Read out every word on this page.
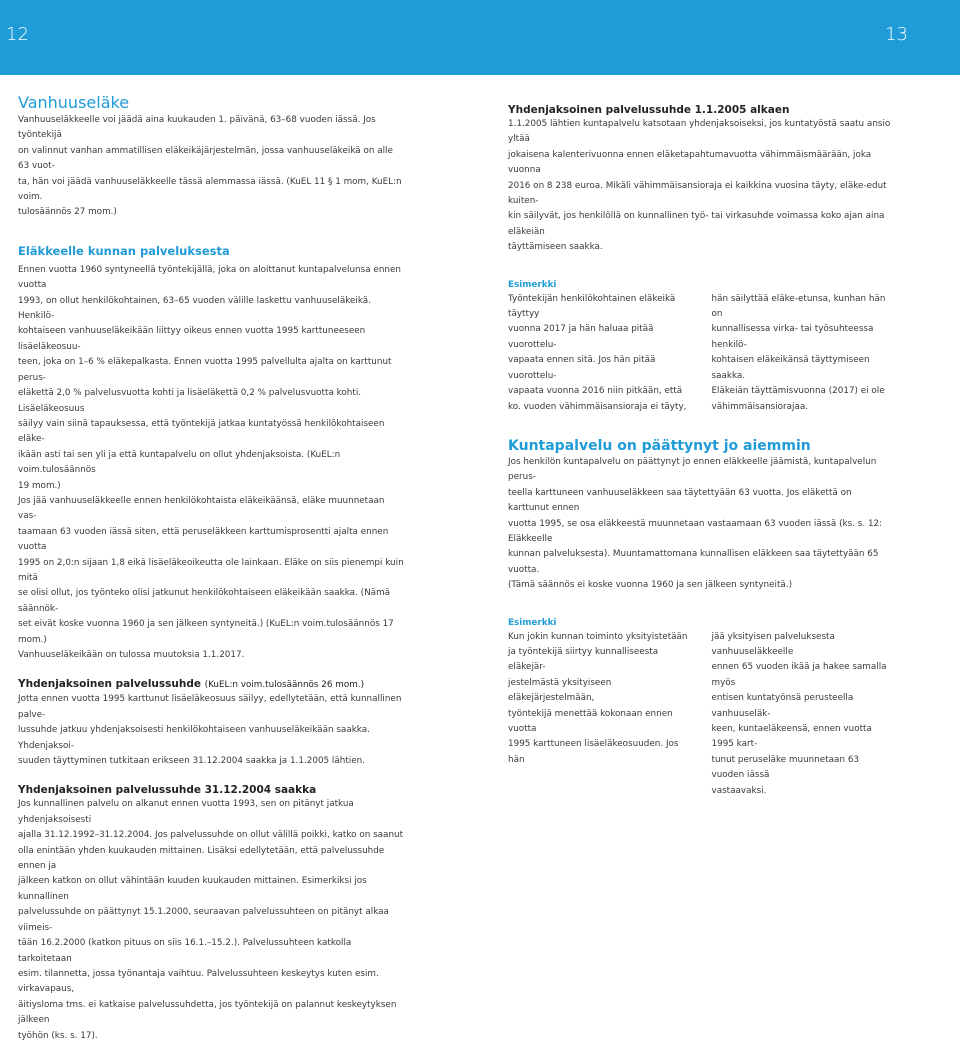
12	13
Vanhuuseläke

Vanhuuseläkkeelle voi jäädä aina kuukauden 1. päivänä, 63–68 vuoden iässä. Jos työntekijä
on valinnut vanhan ammatillisen eläkeikäjärjestelmän, jossa vanhuuseläkeikä on alle 63 vuot-
ta, hän voi jäädä vanhuuseläkkeelle tässä alemmassa iässä. (KuEL 11 § 1 mom, KuEL:n voim.
tulosäännös 27 mom.)

Eläkkeelle kunnan palveluksesta

Ennen vuotta 1960 syntyneellä työntekijällä, joka on aloittanut kuntapalvelunsa ennen vuotta
1993, on ollut henkilökohtainen, 63–65 vuoden välille laskettu vanhuuseläkeikä. Henkilö-
kohtaiseen vanhuuseläkeikään liittyy oikeus ennen vuotta 1995 karttuneeseen lisäeläkeosuu-
teen, joka on 1–6 % eläkepalkasta. Ennen vuotta 1995 palvellulta ajalta on karttunut perus-
eläkettä 2,0 % palvelusvuotta kohti ja lisäeläkettä 0,2 % palvelusvuotta kohti. Lisäeläkeosuus
säilyy vain siinä tapauksessa, että työntekijä jatkaa kuntatyössä henkilökohtaiseen eläke-
ikään asti tai sen yli ja että kuntapalvelu on ollut yhdenjaksoista. (KuEL:n voim.tulosäännös
19 mom.)

Jos jää vanhuuseläkkeelle ennen henkilökohtaista eläkeikäänsä, eläke muunnetaan vas-
taamaan 63 vuoden iässä siten, että peruseläkkeen karttumisprosentti ajalta ennen vuotta
1995 on 2,0:n sijaan 1,8 eikä lisäeläkeoikeutta ole lainkaan. Eläke on siis pienempi kuin mitä
se olisi ollut, jos työnteko olisi jatkunut henkilökohtaiseen eläkeikään saakka. (Nämä säännök-
set eivät koske vuonna 1960 ja sen jälkeen syntyneitä.) (KuEL:n voim.tulosäännös 17 mom.)
Vanhuuseläkeikään on tulossa muutoksia 1.1.2017.

Yhdenjaksoinen palvelussuhde (KuEL:n voim.tulosäännös 26 mom.)

Jotta ennen vuotta 1995 karttunut lisäeläkeosuus säilyy, edellytetään, että kunnallinen palve-
lussuhde jatkuu yhdenjaksoisesti henkilökohtaiseen vanhuuseläkeikään saakka. Yhdenjaksoi-
suuden täyttyminen tutkitaan erikseen 31.12.2004 saakka ja 1.1.2005 lähtien.

Yhdenjaksoinen palvelussuhde 31.12.2004 saakka

Jos kunnallinen palvelu on alkanut ennen vuotta 1993, sen on pitänyt jatkua yhdenjaksoisesti
ajalla 31.12.1992–31.12.2004. Jos palvelussuhde on ollut välillä poikki, katko on saanut
olla enintään yhden kuukauden mittainen. Lisäksi edellytetään, että palvelussuhde ennen ja
jälkeen katkon on ollut vähintään kuuden kuukauden mittainen. Esimerkiksi jos kunnallinen
palvelussuhde on päättynyt 15.1.2000, seuraavan palvelussuhteen on pitänyt alkaa viimeis-
tään 16.2.2000 (katkon pituus on siis 16.1.–15.2.). Palvelussuhteen katkolla tarkoitetaan
esim. tilannetta, jossa työnantaja vaihtuu. Palvelussuhteen keskeytys kuten esim. virkavapaus,
äitiysloma tms. ei katkaise palvelussuhdetta, jos työntekijä on palannut keskeytyksen jälkeen
työhön (ks. s. 17).

Yhdenjaksoinen palvelussuhde 1.1.2005 alkaen

1.1.2005 lähtien kuntapalvelu katsotaan yhdenjaksoiseksi, jos kuntatyöstä saatu ansio yltää
jokaisena kalenterivuonna ennen eläketapahtumavuotta vähimmäismäärään, joka vuonna
2016 on 8 238 euroa. Mikäli vähimmäisansioraja ei kaikkina vuosina täyty, eläke-edut kuiten-
kin säilyvät, jos henkilöllä on kunnallinen työ- tai virkasuhde voimassa koko ajan aina eläkeiän
täyttämiseen saakka.

Esimerkki

Työntekijän henkilökohtainen eläkeikä täyttyy
vuonna 2017 ja hän haluaa pitää vuorottelu-
vapaata ennen sitä. Jos hän pitää vuorottelu-
vapaata vuonna 2016 niin pitkään, että
ko. vuoden vähimmäisansioraja ei täyty,

hän säilyttää eläke-etunsa, kunhan hän on
kunnallisessa virka- tai työsuhteessa henkilö-
kohtaisen eläkeikänsä täyttymiseen saakka.
Eläkeiän täyttämisvuonna (2017) ei ole
vähimmäisansiorajaa.

Kuntapalvelu on päättynyt jo aiemmin

Jos henkilön kuntapalvelu on päättynyt jo ennen eläkkeelle jäämistä, kuntapalvelun perus-
teella karttuneen vanhuuseläkkeen saa täytettyään 63 vuotta. Jos eläkettä on karttunut ennen
vuotta 1995, se osa eläkkeestä muunnetaan vastaamaan 63 vuoden iässä (ks. s. 12: Eläkkeelle
kunnan palveluksesta). Muuntamattomana kunnallisen eläkkeen saa täytettyään 65 vuotta.
(Tämä säännös ei koske vuonna 1960 ja sen jälkeen syntyneitä.)

Esimerkki

Kun jokin kunnan toiminto yksityistetään
ja työntekijä siirtyy kunnalliseesta eläkejär-
jestelmästä yksityiseen eläkejärjestelmään,
työntekijä menettää kokonaan ennen vuotta
1995 karttuneen lisäeläkeosuuden. Jos hän

jää yksityisen palveluksesta vanhuuseläkkeelle
ennen 65 vuoden ikää ja hakee samalla myös
entisen kuntatyönsä perusteella vanhuuseläk-
keen, kuntaeläkeensä, ennen vuotta 1995 kart-
tunut peruseläke muunnetaan 63 vuoden iässä
vastaavaksi.
